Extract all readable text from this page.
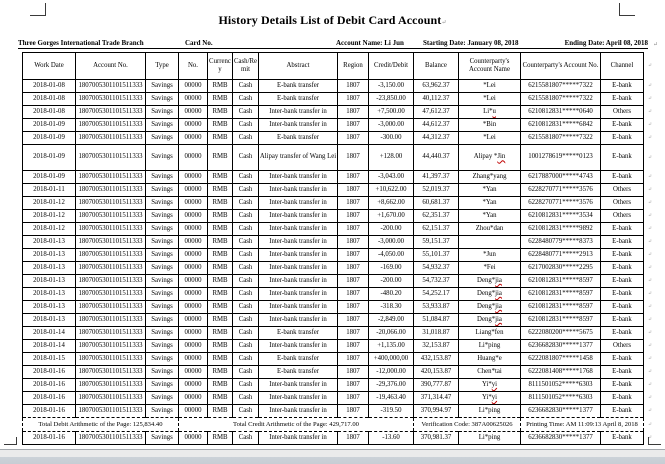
History Details List of Debit Card Account↵
Three Gorges International Trade Branch	Card No.	Account Name: Li Jun	Starting Date: January 08, 2018	Ending Date: April 08, 2018 ↵
Work Date	Account No.	Type	No.	Currency	Cash/Remit	Abstract	Region	Credit/Debit	Balance	Counterparty's Account Name	Counterparty's Account No.	Channel ↵

2018-01-08	1807005301101511333	Savings	00000	RMB	Cash	E-bank transfer	1807	-3,150.00	63,962.37	*Lei	6215581807*****7322	E-bank ↵

2018-01-08	1807005301101511333	Savings	00000	RMB	Cash	E-bank transfer	1807	-23,850.00	40,112.37	*Lei	6215581807*****7322	E-bank ↵

2018-01-08	1807005301101511333	Savings	00000	RMB	Cash	Inter-bank transfer in	1807	+7,500.00	47,612.37	Li*u	6210812831*****0640	Others ↵

2018-01-09	1807005301101511333	Savings	00000	RMB	Cash	Inter-bank transfer in	1807	-3,000.00	44,612.37	*Bin	6210812831*****6842	E-bank ↵

2018-01-09	1807005301101511333	Savings	00000	RMB	Cash	E-bank transfer	1807	-300.00	44,312.37	*Lei	6215581807*****7322	E-bank ↵

2018-01-09	1807005301101511333	Savings	00000	RMB	Cash	Alipay transfer of Wang Lei	1807	+128.00	44,440.37	Alipay *Jin	1001278619*****0123	E-bank ↵

2018-01-09	1807005301101511333	Savings	00000	RMB	Cash	Inter-bank transfer in	1807	-3,043.00	41,397.37	Zhang*yang	6217887000*****4743	E-bank ↵

2018-01-11	1807005301101511333	Savings	00000	RMB	Cash	Inter-bank transfer in	1807	+10,622.00	52,019.37	*Yan	6228270771*****3576	Others ↵

2018-01-12	1807005301101511333	Savings	00000	RMB	Cash	Inter-bank transfer in	1807	+8,662.00	60,681.37	*Yan	6228270771*****3576	Others ↵

2018-01-12	1807005301101511333	Savings	00000	RMB	Cash	Inter-bank transfer in	1807	+1,670.00	62,351.37	*Yan	6210812831*****3534	Others ↵

2018-01-12	1807005301101511333	Savings	00000	RMB	Cash	Inter-bank transfer in	1807	-200.00	62,151.37	Zhou*dan	6210812831*****9892	E-bank ↵

2018-01-13	1807005301101511333	Savings	00000	RMB	Cash	Inter-bank transfer in	1807	-3,000.00	59,151.37		6228480779*****8373	E-bank ↵

2018-01-13	1807005301101511333	Savings	00000	RMB	Cash	Inter-bank transfer in	1807	-4,050.00	55,101.37	*Jun	6228480771*****2913	E-bank ↵

2018-01-13	1807005301101511333	Savings	00000	RMB	Cash	Inter-bank transfer in	1807	-169.00	54,932.37	*Fei	6217002830*****2295	E-bank ↵

2018-01-13	1807005301101511333	Savings	00000	RMB	Cash	Inter-bank transfer in	1807	-200.00	54,732.37	Deng*jia	6210812831*****8597	E-bank ↵

2018-01-13	1807005301101511333	Savings	00000	RMB	Cash	Inter-bank transfer in	1807	-480.20	54,252.17	Deng*jia	6210812831*****8597	E-bank ↵

2018-01-13	1807005301101511333	Savings	00000	RMB	Cash	Inter-bank transfer in	1807	-318.30	53,933.87	Deng*jia	6210812831*****8597	E-bank ↵

2018-01-13	1807005301101511333	Savings	00000	RMB	Cash	Inter-bank transfer in	1807	-2,849.00	51,084.87	Deng*jia	6210812831*****8597	E-bank ↵

2018-01-14	1807005301101511333	Savings	00000	RMB	Cash	E-bank transfer	1807	-20,066.00	31,018.87	Liang*fen	6222080200*****5675	E-bank ↵

2018-01-14	1807005301101511333	Savings	00000	RMB	Cash	Inter-bank transfer in	1807	+1,135.00	32,153.87	Li*ping	6236682830*****1377	Others ↵

2018-01-15	1807005301101511333	Savings	00000	RMB	Cash	E-bank transfer	1807	+400,000,00	432,153.87	Huang*e	6222081807*****1458	E-bank ↵

2018-01-16	1807005301101511333	Savings	00000	RMB	Cash	E-bank transfer	1807	-12,000.00	420,153.87	Chen*tai	6222081408*****1768	E-bank ↵

2018-01-16	1807005301101511333	Savings	00000	RMB	Cash	Inter-bank transfer in	1807	-29,376.00	390,777.87	Yi*yi	8111501052*****6303	E-bank ↵

2018-01-16	1807005301101511333	Savings	00000	RMB	Cash	Inter-bank transfer in	1807	-19,463.40	371,314.47	Yi*yi	8111501052*****6303	E-bank ↵

2018-01-16	1807005301101511333	Savings	00000	RMB	Cash	Inter-bank transfer in	1807	-319.50	370,994.97	Li*ping	6236682830*****1377	E-bank ↵

Total Debit Arithmetic of the Page: 125,834.40			Total Credit Arithmetic of the Page: 429,717.00						Verification Code: 387A00625026		Printing Time: AM 11:09:13 April 8, 2018 ↵	

2018-01-16	1807005301101511333	Savings	00000	RMB	Cash	Inter-bank transfer in	1807	-13.60	370,981.37	Li*ping	6236682830*****1377	E-bank ↵
